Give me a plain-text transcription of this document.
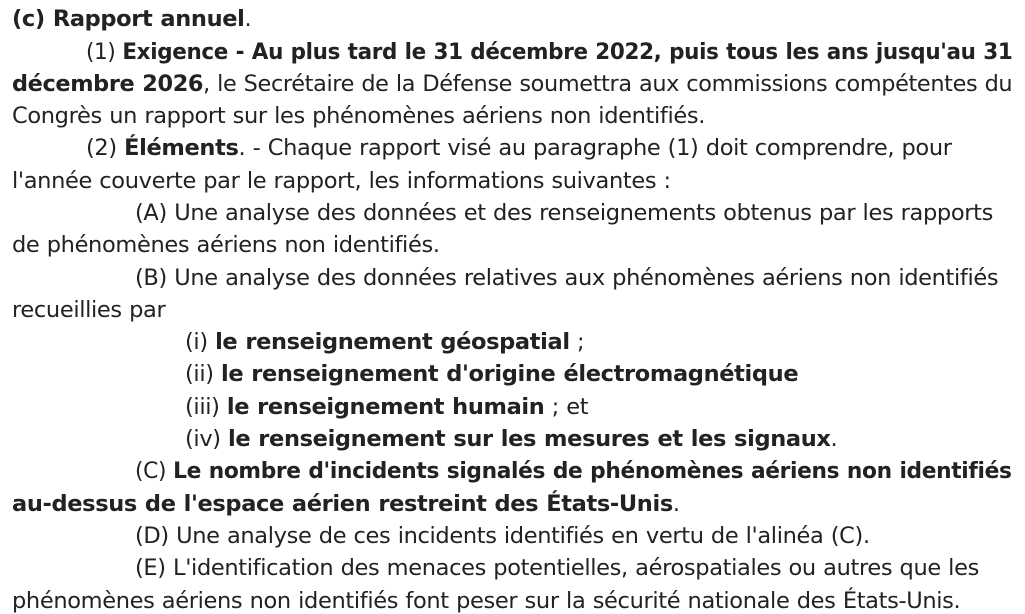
(c) Rapport annuel.
(1) Exigence - Au plus tard le 31 décembre 2022, puis tous les ans jusqu'au 31
décembre 2026, le Secrétaire de la Défense soumettra aux commissions compétentes du
Congrès un rapport sur les phénomènes aériens non identifiés.
(2) Éléments. - Chaque rapport visé au paragraphe (1) doit comprendre, pour
l'année couverte par le rapport, les informations suivantes :
(A) Une analyse des données et des renseignements obtenus par les rapports
de phénomènes aériens non identifiés.
(B) Une analyse des données relatives aux phénomènes aériens non identifiés
recueillies par
(i) le renseignement géospatial ;
(ii) le renseignement d'origine électromagnétique
(iii) le renseignement humain ; et
(iv) le renseignement sur les mesures et les signaux.
(C) Le nombre d'incidents signalés de phénomènes aériens non identifiés
au-dessus de l'espace aérien restreint des États-Unis.
(D) Une analyse de ces incidents identifiés en vertu de l'alinéa (C).
(E) L'identification des menaces potentielles, aérospatiales ou autres que les
phénomènes aériens non identifiés font peser sur la sécurité nationale des États-Unis.
